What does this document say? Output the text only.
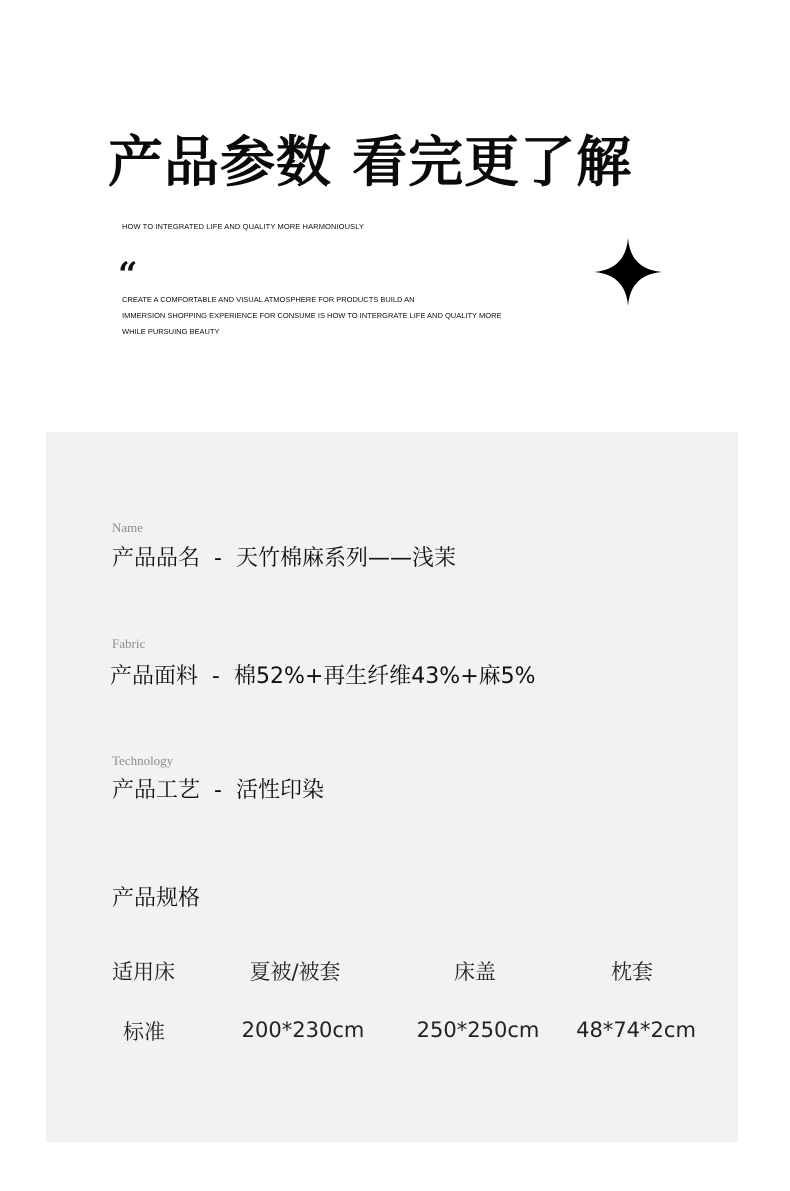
产品参数 看完更了解
HOW TO INTEGRATED LIFE AND QUALITY MORE HARMONIOUSLY
“
CREATE A COMFORTABLE AND VISUAL ATMOSPHERE FOR PRODUCTS BUILD AN
IMMERSION SHOPPING EXPERIENCE FOR CONSUME IS HOW TO INTERGRATE LIFE AND QUALITY MORE
WHILE PURSUING BEAUTY
Name
产品品名 - 天竹棉麻系列——浅茉
Fabric
产品面料 - 棉52%+再生纤维43%+麻5%
Technology
产品工艺 - 活性印染
产品规格
适用床	夏被/被套	床盖	枕套
标准	200*230cm 250*250cm 48*74*2cm
